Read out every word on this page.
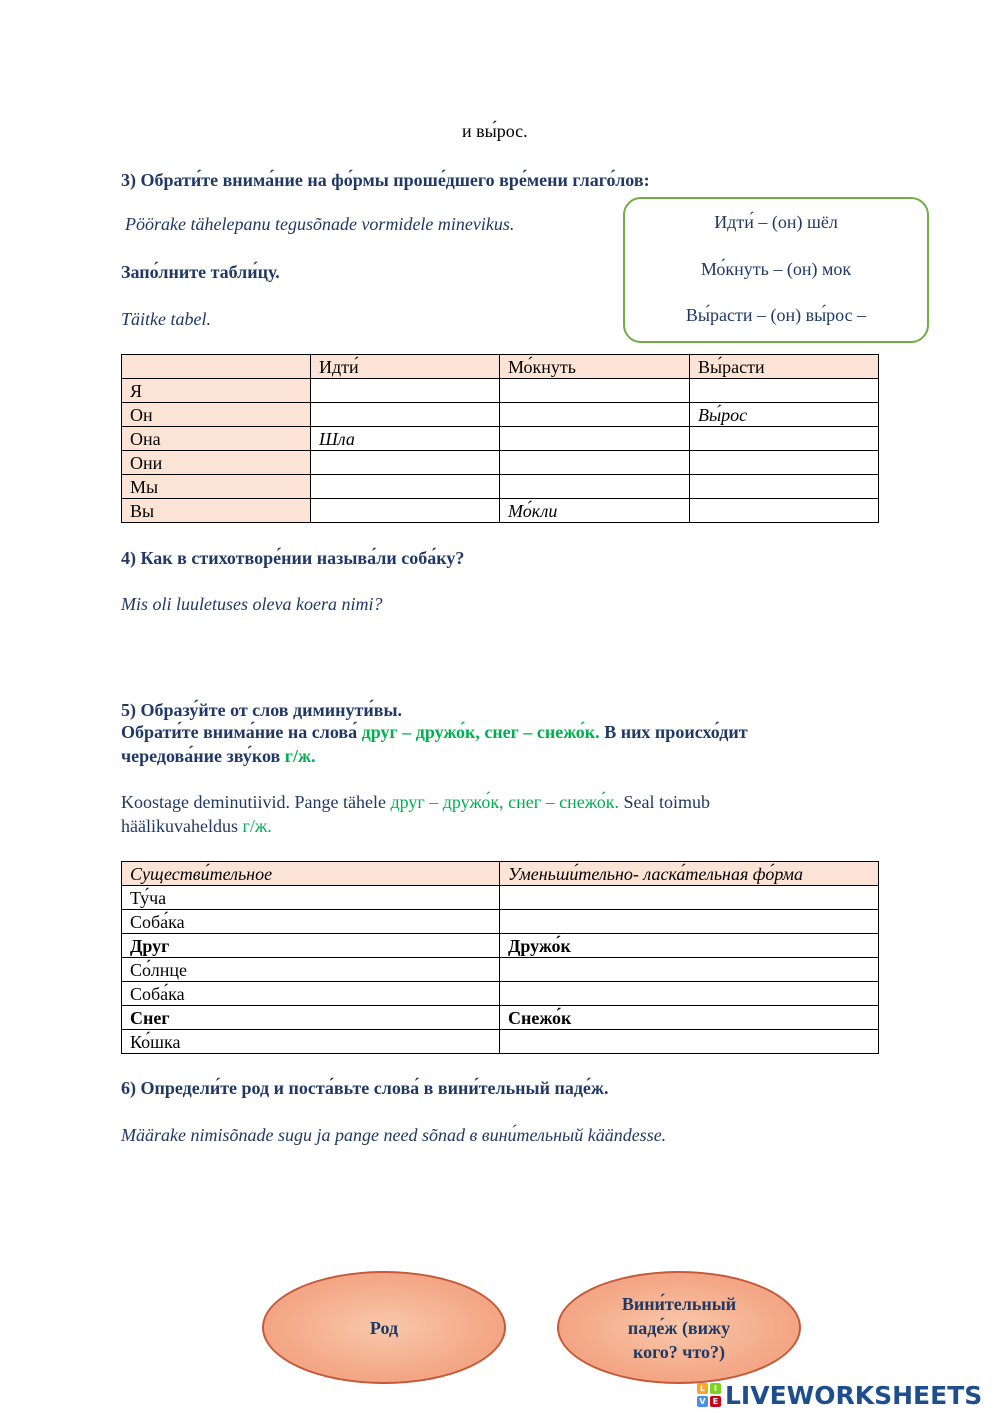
и вы́рос.
3) Обрати́те внима́ние на фо́рмы проше́дшего вре́мени глаго́лов:
Pöörake tähelepanu tegusõnade vormidele minevikus.
Запо́лните табли́цу.
Täitke tabel.
Идти́ – (он) шёл
Мо́кнуть – (он) мок
Вы́расти – (он) вы́рос –
	Идти́	Мо́кнуть	Вы́расти
Я			
Он			Вы́рос
Она	Шла		
Они			
Мы			
Вы		Мо́кли	
4) Как в стихотворе́нии называ́ли соба́ку?
Mis oli luuletuses oleva koera nimi?
5) Образу́йте от слов диминути́вы.
Обрати́те внима́ние на слова́ друг – дружо́к, снег – снежо́к. В них происхо́дит
чередова́ние зву́ков г/ж.
Koostage deminutiivid. Pange tähele друг – дружо́к, снег – снежо́к. Seal toimub
häälikuvaheldus г/ж.
Существи́тельное	Уменьши́тельно- ласка́тельная фо́рма
Ту́ча	
Соба́ка	
Друг	Дружо́к
Со́лнце	
Соба́ка	
Снег	Снежо́к
Ко́шка	
6) Определи́те род и поста́вьте слова́ в вини́тельный паде́ж.
Määrake nimisõnade sugu ja pange need sõnad в вини́тельный käändesse.
Род
Вини́тельный
паде́ж (вижу
кого? что?)
L	I
V E LIVEWORKSHEETS
